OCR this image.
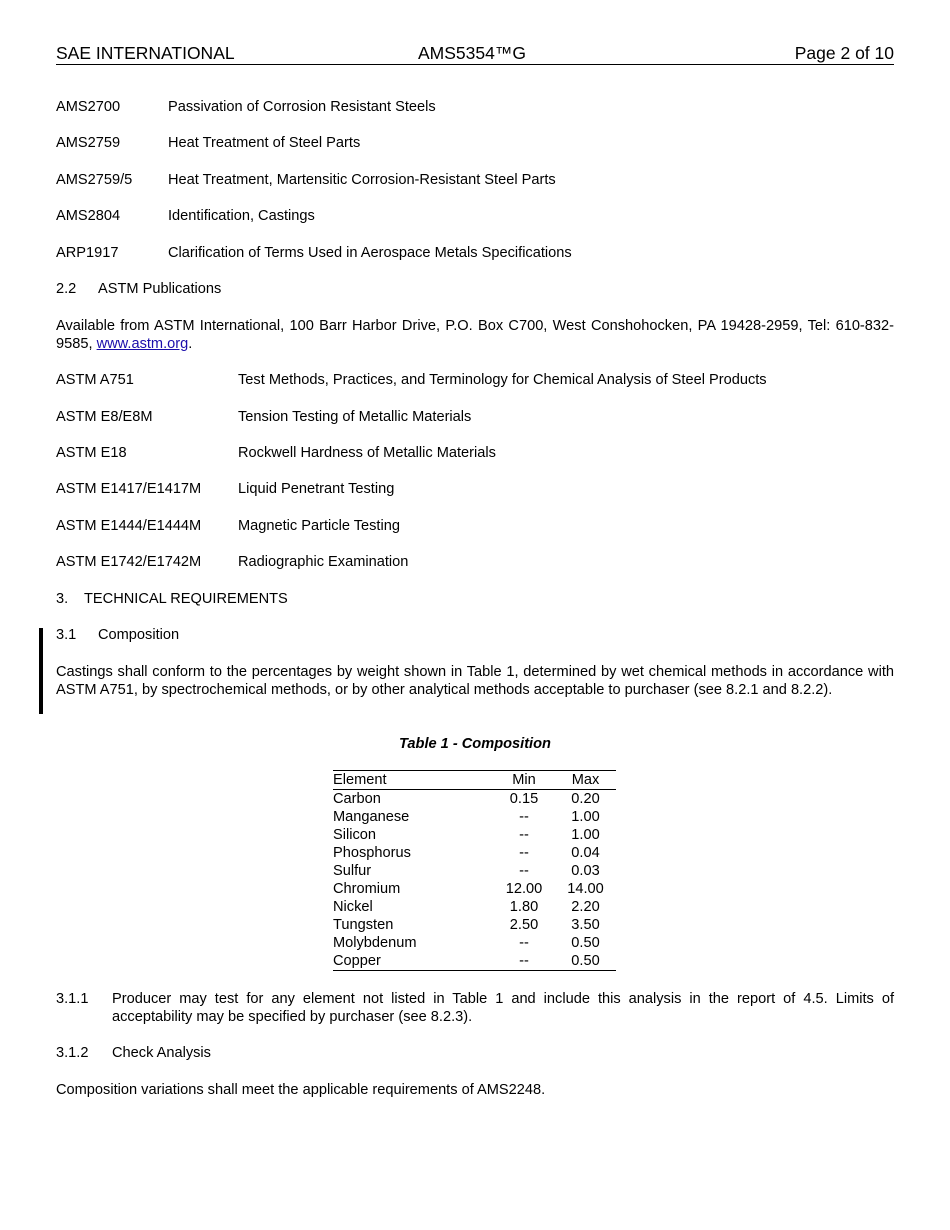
SAE INTERNATIONAL	AMS5354™G	Page 2 of 10
AMS2700	Passivation of Corrosion Resistant Steels
AMS2759	Heat Treatment of Steel Parts
AMS2759/5 Heat Treatment, Martensitic Corrosion-Resistant Steel Parts
AMS2804	Identification, Castings
ARP1917	Clarification of Terms Used in Aerospace Metals Specifications
2.2 ASTM Publications
Available from ASTM International, 100 Barr Harbor Drive, P.O. Box C700, West Conshohocken, PA 19428-2959, Tel: 610-832-9585, www.astm.org.
ASTM A751	Test Methods, Practices, and Terminology for Chemical Analysis of Steel Products
ASTM E8/E8M	Tension Testing of Metallic Materials
ASTM E18	Rockwell Hardness of Metallic Materials
ASTM E1417/E1417M	Liquid Penetrant Testing
ASTM E1444/E1444M	Magnetic Particle Testing
ASTM E1742/E1742M	Radiographic Examination
3. TECHNICAL REQUIREMENTS
3.1 Composition
Castings shall conform to the percentages by weight shown in Table 1, determined by wet chemical methods in accordance with ASTM A751, by spectrochemical methods, or by other analytical methods acceptable to purchaser (see 8.2.1 and 8.2.2).
Table 1 - Composition
Element	Min	Max
Carbon	0.15	0.20
Manganese	--	1.00
Silicon	--	1.00
Phosphorus	--	0.04
Sulfur	--	0.03
Chromium	12.00	14.00
Nickel	1.80	2.20
Tungsten	2.50	3.50
Molybdenum	--	0.50
Copper	--	0.50
3.1.1 Producer may test for any element not listed in Table 1 and include this analysis in the report of 4.5. Limits of acceptability may be specified by purchaser (see 8.2.3).
3.1.2 Check Analysis
Composition variations shall meet the applicable requirements of AMS2248.
